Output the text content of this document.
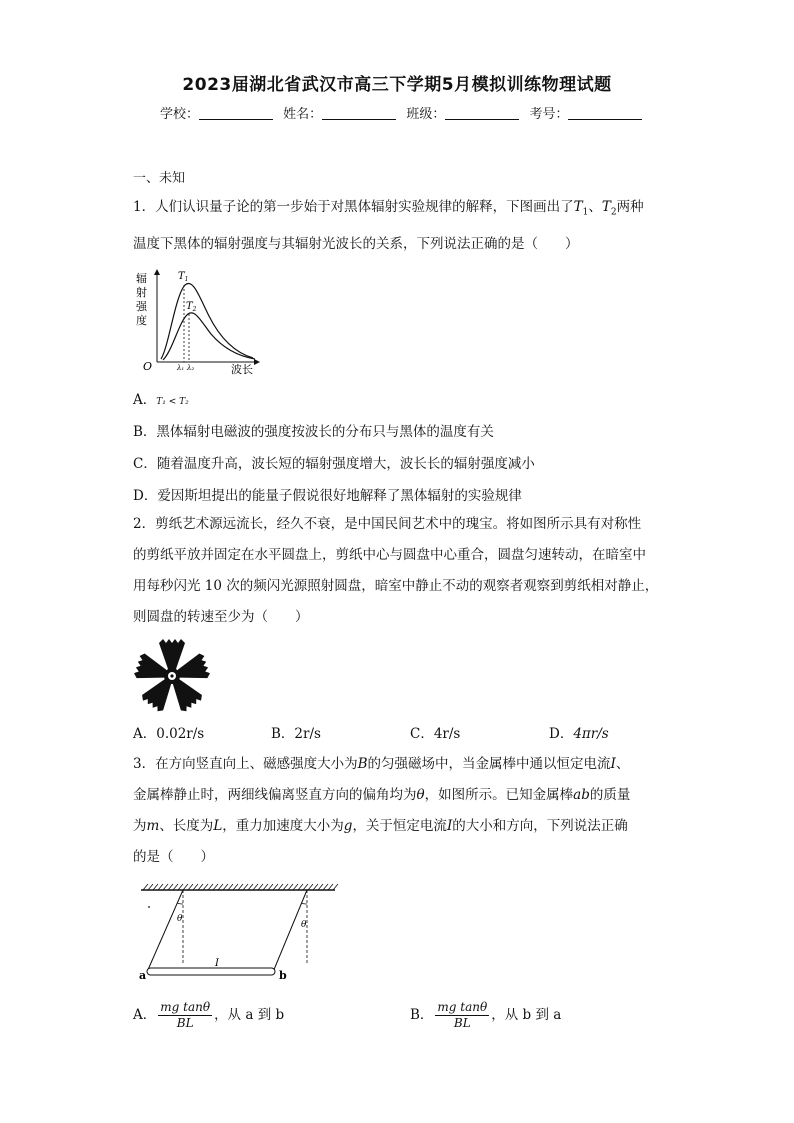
2023届湖北省武汉市高三下学期5月模拟训练物理试题
学校：	姓名：	班级：	考号：
一、未知
1．人们认识量子论的第一步始于对黑体辐射实验规律的解释，下图画出了$T_1$、$T_2$两种
温度下黑体的辐射强度与其辐射光波长的关系，下列说法正确的是（　　）
辐
射
强
度
O	波长
$T_1$
$T_2$
λ₁ λ₂
A．T₁ < T₂
B．黑体辐射电磁波的强度按波长的分布只与黑体的温度有关
C．随着温度升高，波长短的辐射强度增大，波长长的辐射强度减小
D．爱因斯坦提出的能量子假说很好地解释了黑体辐射的实验规律
2．剪纸艺术源远流长，经久不衰，是中国民间艺术中的瑰宝。将如图所示具有对称性
的剪纸平放并固定在水平圆盘上，剪纸中心与圆盘中心重合，圆盘匀速转动，在暗室中
用每秒闪光 10 次的频闪光源照射圆盘，暗室中静止不动的观察者观察到剪纸相对静止，
则圆盘的转速至少为（　　）
A．0.02r/s	B．2r/s	C．4r/s	D．4πr/s
3．在方向竖直向上、磁感强度大小为B的匀强磁场中，当金属棒中通以恒定电流I、
金属棒静止时，两细线偏离竖直方向的偏角均为θ，如图所示。已知金属棒ab的质量
为m、长度为L，重力加速度大小为g，关于恒定电流I的大小和方向，下列说法正确
的是（　　）
θ
θ
I
a	b
A． $\frac{\text{mg tanθ}}{BL}$ ，从 a 到 b	B． $\frac{\text{mg tanθ}}{BL}$ ，从 b 到 a
